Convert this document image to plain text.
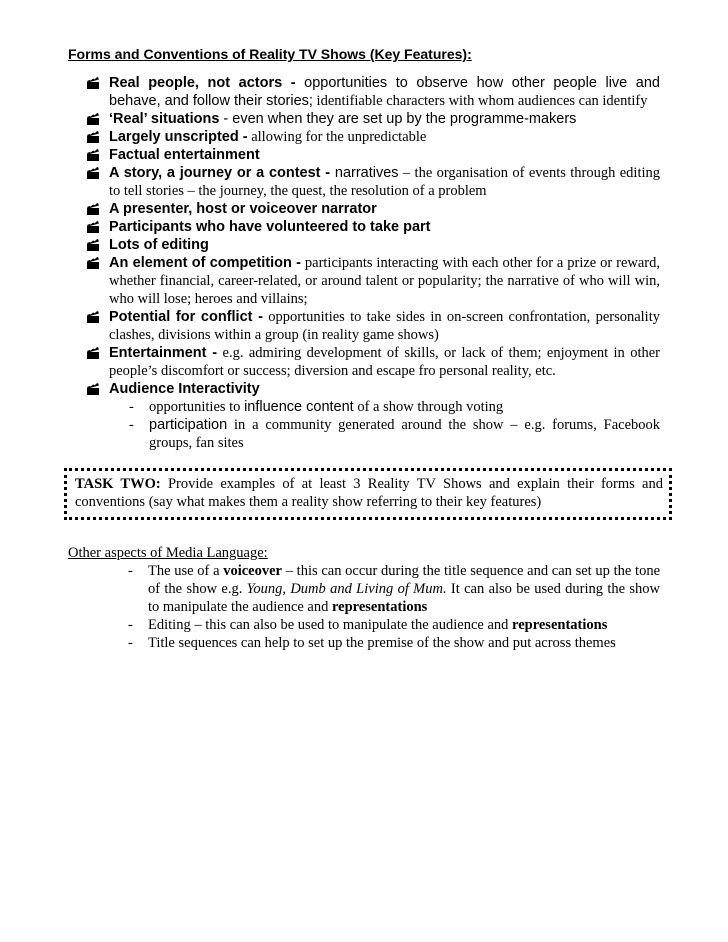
Forms and Conventions of Reality TV Shows (Key Features):
Real people, not actors - opportunities to observe how other people live and behave, and follow their stories; identifiable characters with whom audiences can identify
‘Real’ situations - even when they are set up by the programme-makers
Largely unscripted - allowing for the unpredictable
Factual entertainment
A story, a journey or a contest - narratives – the organisation of events through editing to tell stories – the journey, the quest, the resolution of a problem
A presenter, host or voiceover narrator
Participants who have volunteered to take part
Lots of editing
An element of competition - participants interacting with each other for a prize or reward, whether financial, career-related, or around talent or popularity; the narrative of who will win, who will lose; heroes and villains;
Potential for conflict - opportunities to take sides in on-screen confrontation, personality clashes, divisions within a group (in reality game shows)
Entertainment - e.g. admiring development of skills, or lack of them; enjoyment in other people’s discomfort or success; diversion and escape fro personal reality, etc.
Audience Interactivity
- opportunities to influence content of a show through voting
- participation in a community generated around the show – e.g. forums, Facebook groups, fan sites
TASK TWO: Provide examples of at least 3 Reality TV Shows and explain their forms and conventions (say what makes them a reality show referring to their key features)
Other aspects of Media Language:
- The use of a voiceover – this can occur during the title sequence and can set up the tone of the show e.g. Young, Dumb and Living of Mum. It can also be used during the show to manipulate the audience and representations
- Editing – this can also be used to manipulate the audience and representations
- Title sequences can help to set up the premise of the show and put across themes
